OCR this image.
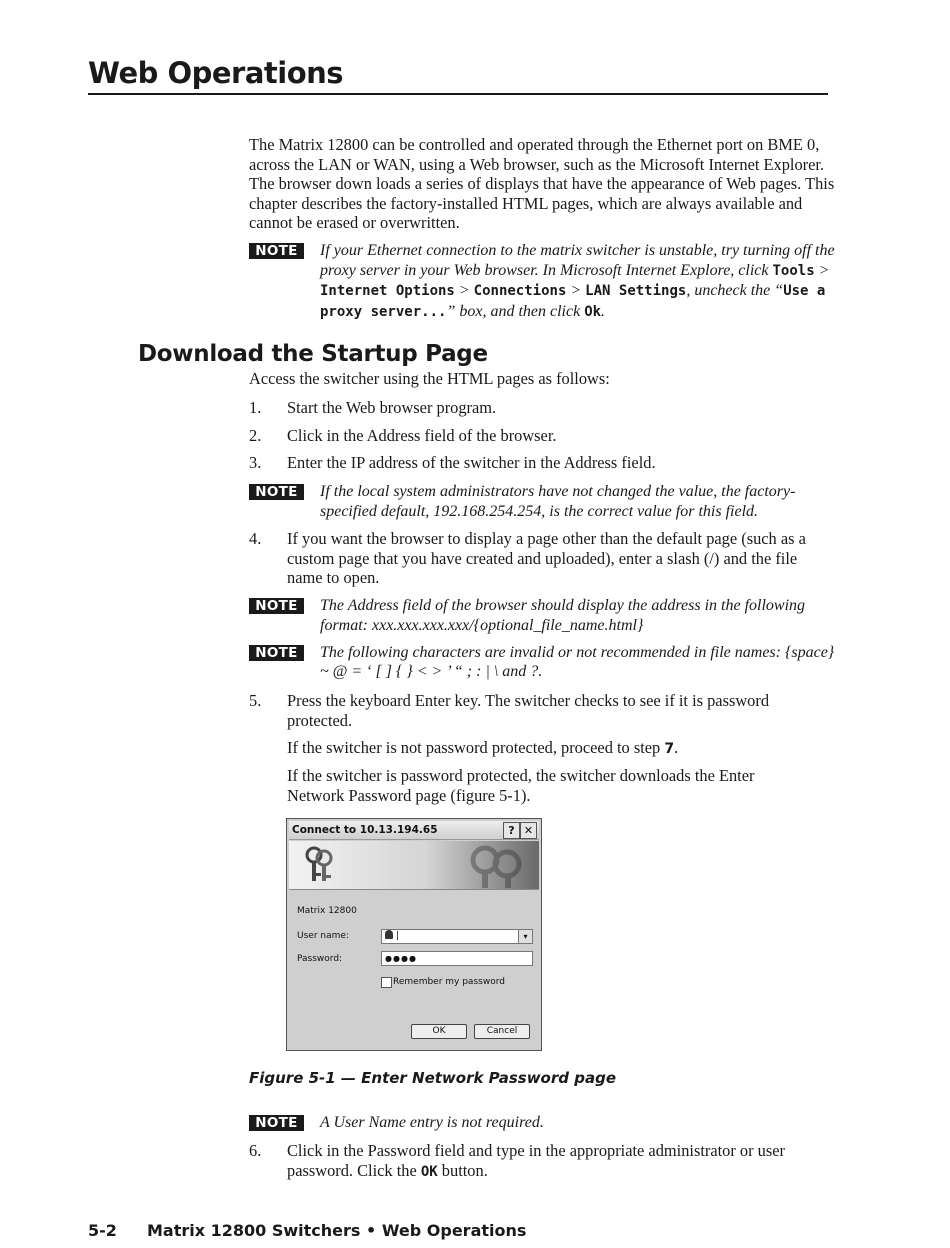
Web Operations
The Matrix 12800 can be controlled and operated through the Ethernet port on BME 0, across the LAN or WAN, using a Web browser, such as the Microsoft Internet Explorer. The browser down loads a series of displays that have the appearance of Web pages. This chapter describes the factory-installed HTML pages, which are always available and cannot be erased or overwritten.
NOTE	If your Ethernet connection to the matrix switcher is unstable, try turning off the proxy server in your Web browser. In Microsoft Internet Explore, click Tools > Internet Options > Connections > LAN Settings, uncheck the “Use a proxy server...” box, and then click Ok.
Download the Startup Page
Access the switcher using the HTML pages as follows:
1.	Start the Web browser program.
2.	Click in the Address field of the browser.
3.	Enter the IP address of the switcher in the Address field.
NOTE	If the local system administrators have not changed the value, the factory-specified default, 192.168.254.254, is the correct value for this field.
4.	If you want the browser to display a page other than the default page (such as a custom page that you have created and uploaded), enter a slash (/) and the file name to open.
NOTE	The Address field of the browser should display the address in the following format: xxx.xxx.xxx.xxx/{optional_file_name.html}
NOTE	The following characters are invalid or not recommended in file names: {space}
~ @ = ‘ [ ] { } < > ’ “ ; : | \ and ?.
5.	Press the keyboard Enter key. The switcher checks to see if it is password protected.
If the switcher is not password protected, proceed to step 7.
If the switcher is password protected, the switcher downloads the Enter Network Password page (figure 5-1).
Connect to 10.13.194.65	? ✕
Matrix 12800
User name:	|	▾
Password:	●●●●
Remember my password
OK	Cancel
Figure 5-1 — Enter Network Password page
NOTE	A User Name entry is not required.
6.	Click in the Password field and type in the appropriate administrator or user password. Click the OK button.
5-2 Matrix 12800 Switchers • Web Operations
